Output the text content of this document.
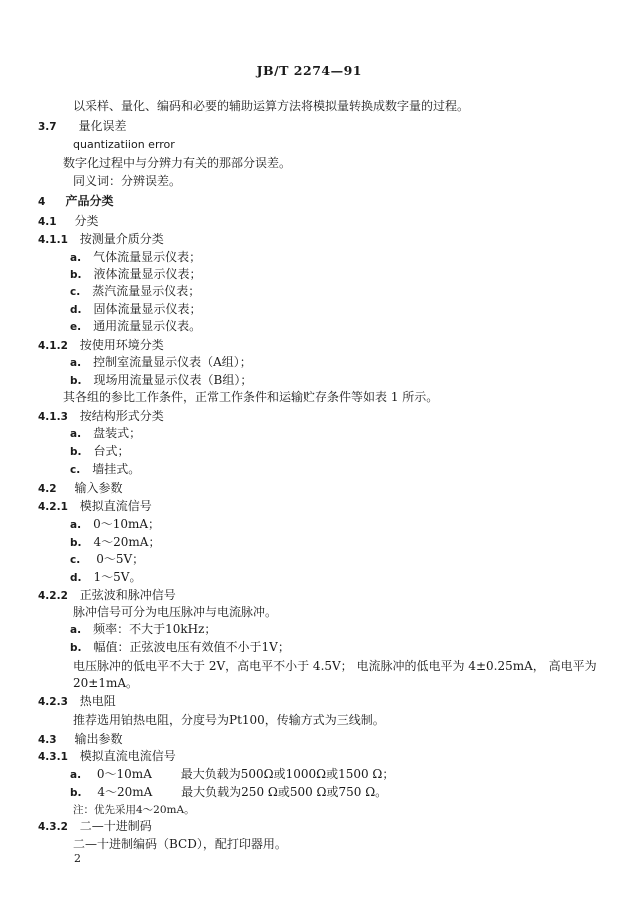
JB/T 2274—91
以采样、量化、编码和必要的辅助运算方法将模拟量转换成数字量的过程。
3.7 量化误差
quantizatiion error
数字化过程中与分辨力有关的那部分误差。
同义词：分辨误差。
4 产品分类
4.1 分类
4.1.1 按测量介质分类
a. 气体流量显示仪表；
b. 液体流量显示仪表；
c. 蒸汽流量显示仪表；
d. 固体流量显示仪表；
e. 通用流量显示仪表。
4.1.2 按使用环境分类
a. 控制室流量显示仪表（A组）；
b. 现场用流量显示仪表（B组）；
其各组的参比工作条件，正常工作条件和运输贮存条件等如表 1 所示。
4.1.3 按结构形式分类
a. 盘装式；
b. 台式；
c. 墙挂式。
4.2 输入参数
4.2.1 模拟直流信号
a. 0～10mA；
b. 4～20mA；
c. 0～5V；
d. 1～5V。
4.2.2 正弦波和脉冲信号
脉冲信号可分为电压脉冲与电流脉冲。
a. 频率：不大于10kHz；
b. 幅值：正弦波电压有效值不小于1V；
电压脉冲的低电平不大于 2V，高电平不小于 4.5V； 电流脉冲的低电平为 4±0.25mA， 高电平为
20±1mA。
4.2.3 热电阻
推荐选用铂热电阻，分度号为Pt100，传输方式为三线制。
4.3 输出参数
4.3.1 模拟直流电流信号
a. 0～10mA 最大负载为500Ω或1000Ω或1500 Ω；
b. 4～20mA 最大负载为250 Ω或500 Ω或750 Ω。
注：优先采用4～20mA。
4.3.2 二—十进制码
二—十进制编码（BCD），配打印器用。
2
